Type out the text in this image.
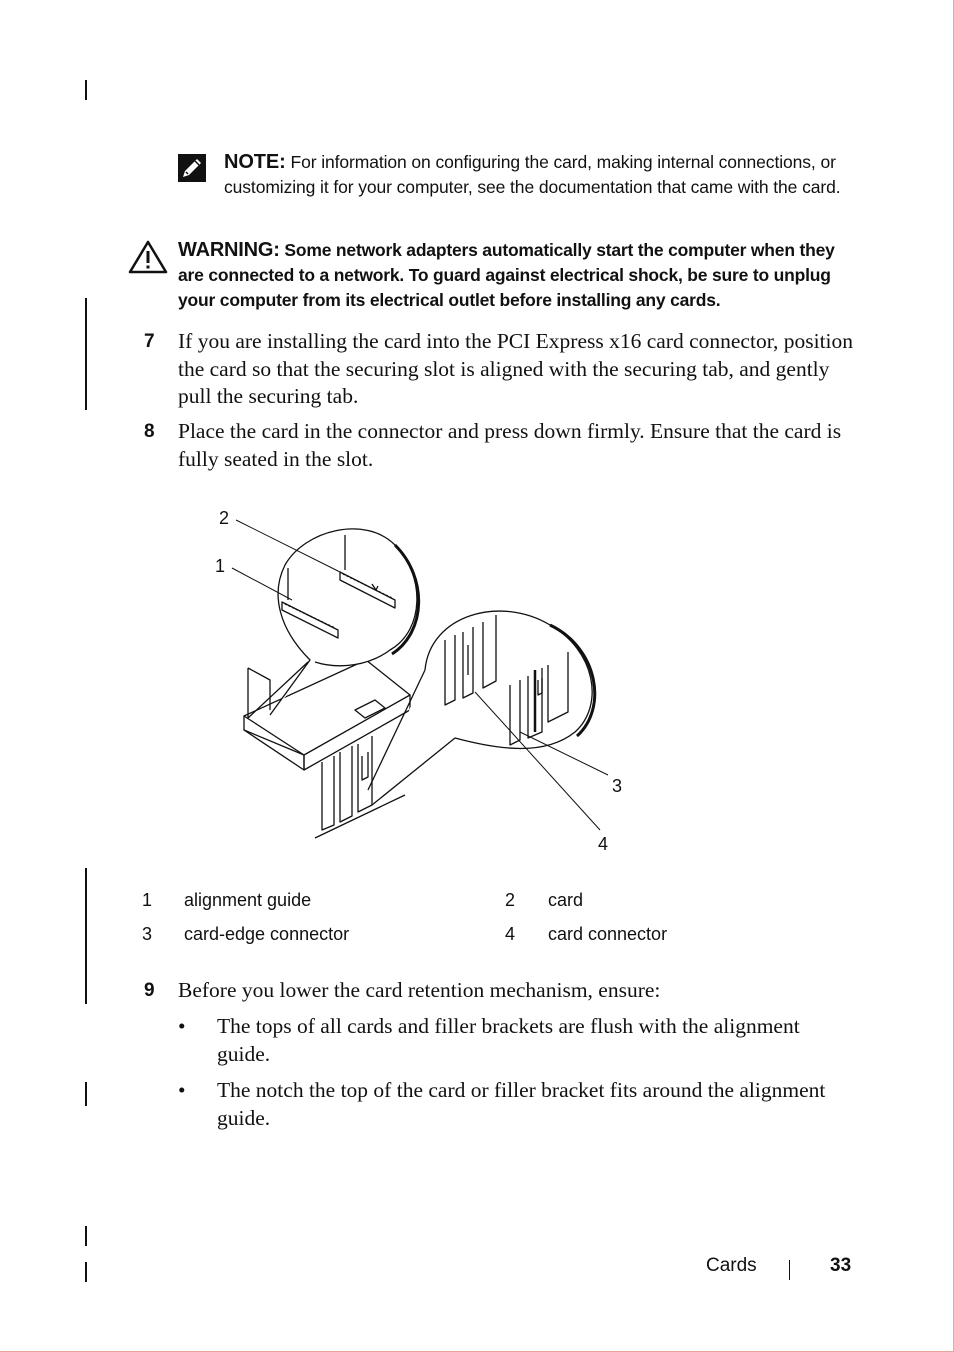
NOTE: For information on configuring the card, making internal connections, or customizing it for your computer, see the documentation that came with the card.
WARNING: Some network adapters automatically start the computer when they are connected to a network. To guard against electrical shock, be sure to unplug your computer from its electrical outlet before installing any cards.
7 If you are installing the card into the PCI Express x16 card connector, position the card so that the securing slot is aligned with the securing tab, and gently pull the securing tab.
8 Place the card in the connector and press down firmly. Ensure that the card is fully seated in the slot.
2
1
3
4
1 alignment guide	2 card
3 card-edge connector	4 card connector
9 Before you lower the card retention mechanism, ensure:
• The tops of all cards and filler brackets are flush with the alignment guide.
• The notch the top of the card or filler bracket fits around the alignment guide.
Cards	33
